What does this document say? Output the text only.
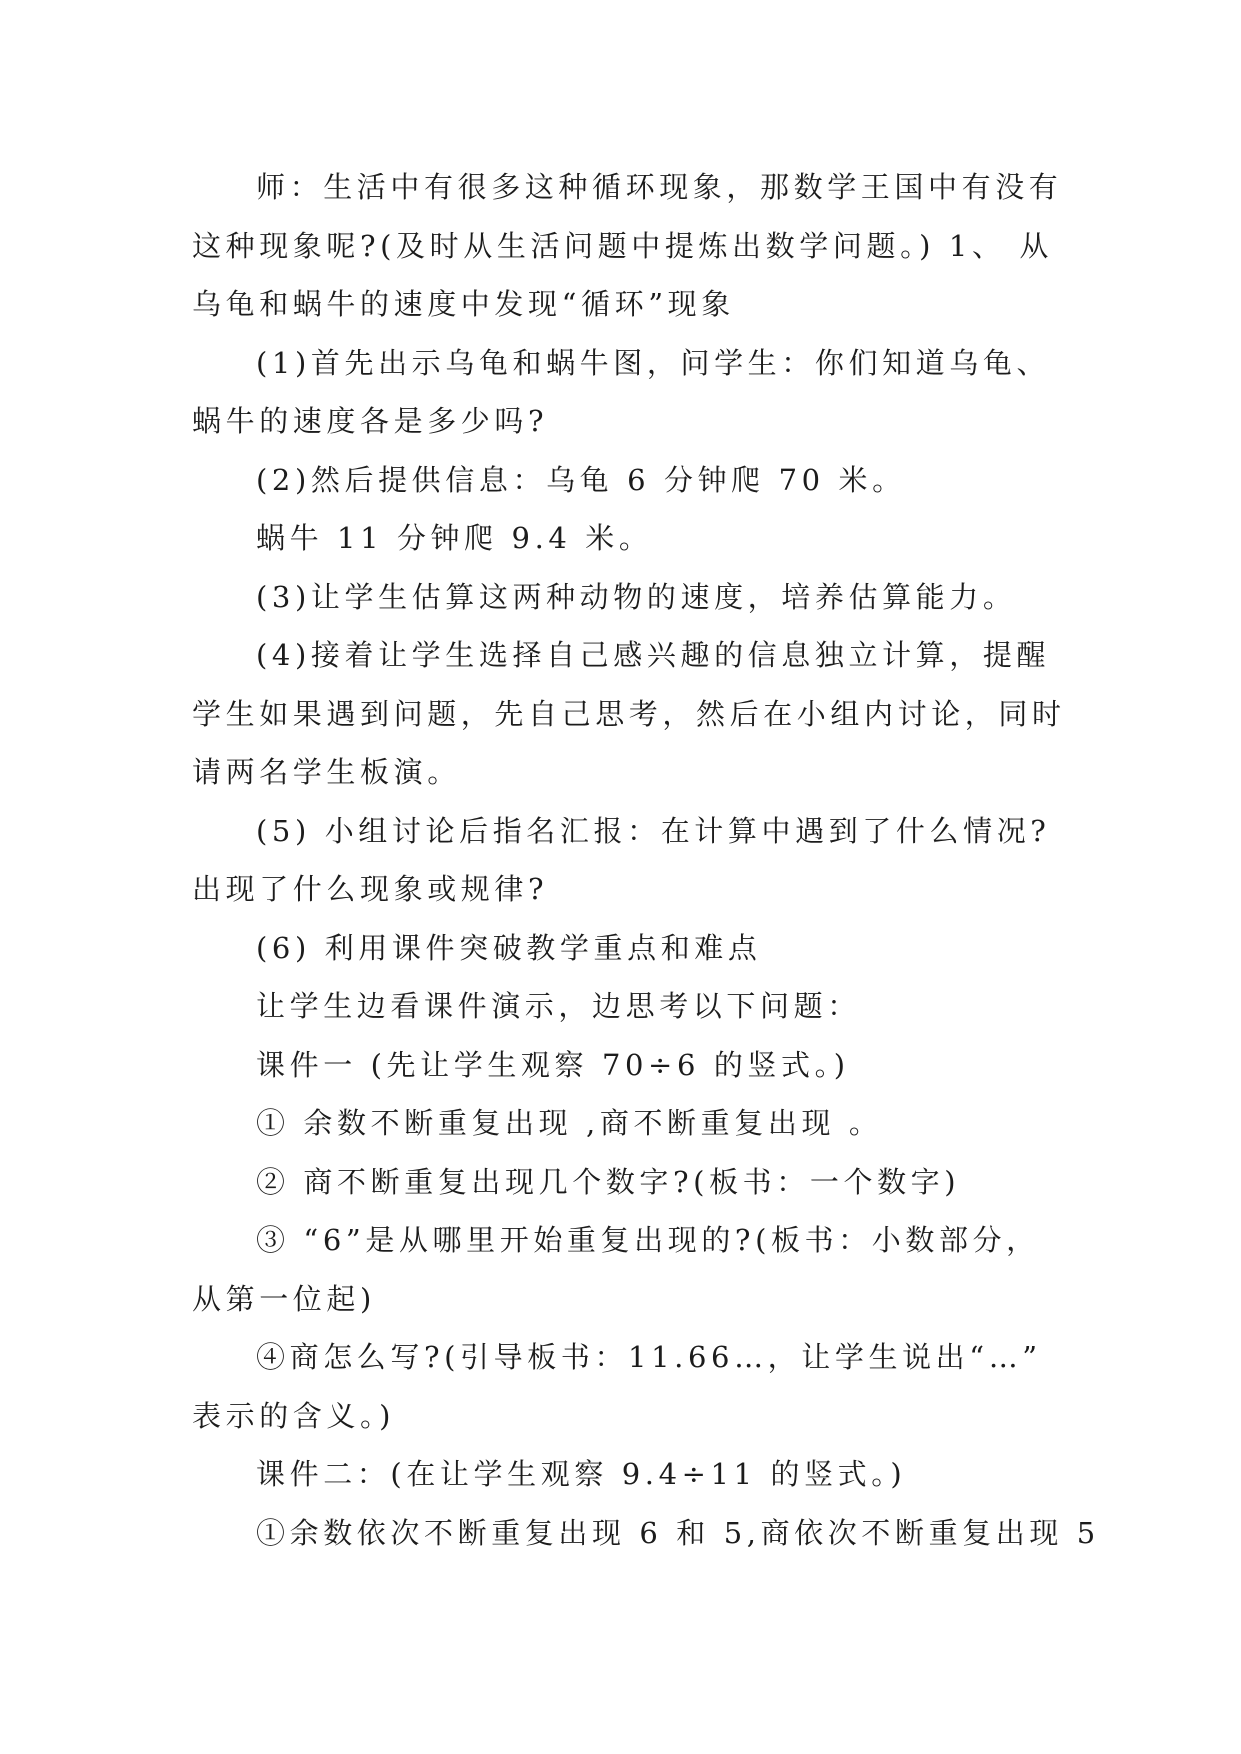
师：生活中有很多这种循环现象，那数学王国中有没有
这种现象呢?(及时从生活问题中提炼出数学问题。) 1、 从
乌龟和蜗牛的速度中发现“循环”现象
(1)首先出示乌龟和蜗牛图，问学生：你们知道乌龟、
蜗牛的速度各是多少吗?
(2)然后提供信息：乌龟 6 分钟爬 70 米。
蜗牛 11 分钟爬 9.4 米。
(3)让学生估算这两种动物的速度，培养估算能力。
(4)接着让学生选择自己感兴趣的信息独立计算，提醒
学生如果遇到问题，先自己思考，然后在小组内讨论，同时
请两名学生板演。
(5) 小组讨论后指名汇报：在计算中遇到了什么情况?
出现了什么现象或规律?
(6) 利用课件突破教学重点和难点
让学生边看课件演示，边思考以下问题：
课件一 (先让学生观察 70÷6 的竖式。)
① 余数不断重复出现 ,商不断重复出现 。
② 商不断重复出现几个数字?(板书：一个数字)
③ “6”是从哪里开始重复出现的?(板书：小数部分，
从第一位起)
④商怎么写?(引导板书：11.66…，让学生说出“…”
表示的含义。)
课件二：(在让学生观察 9.4÷11 的竖式。)
①余数依次不断重复出现 6 和 5,商依次不断重复出现 5
